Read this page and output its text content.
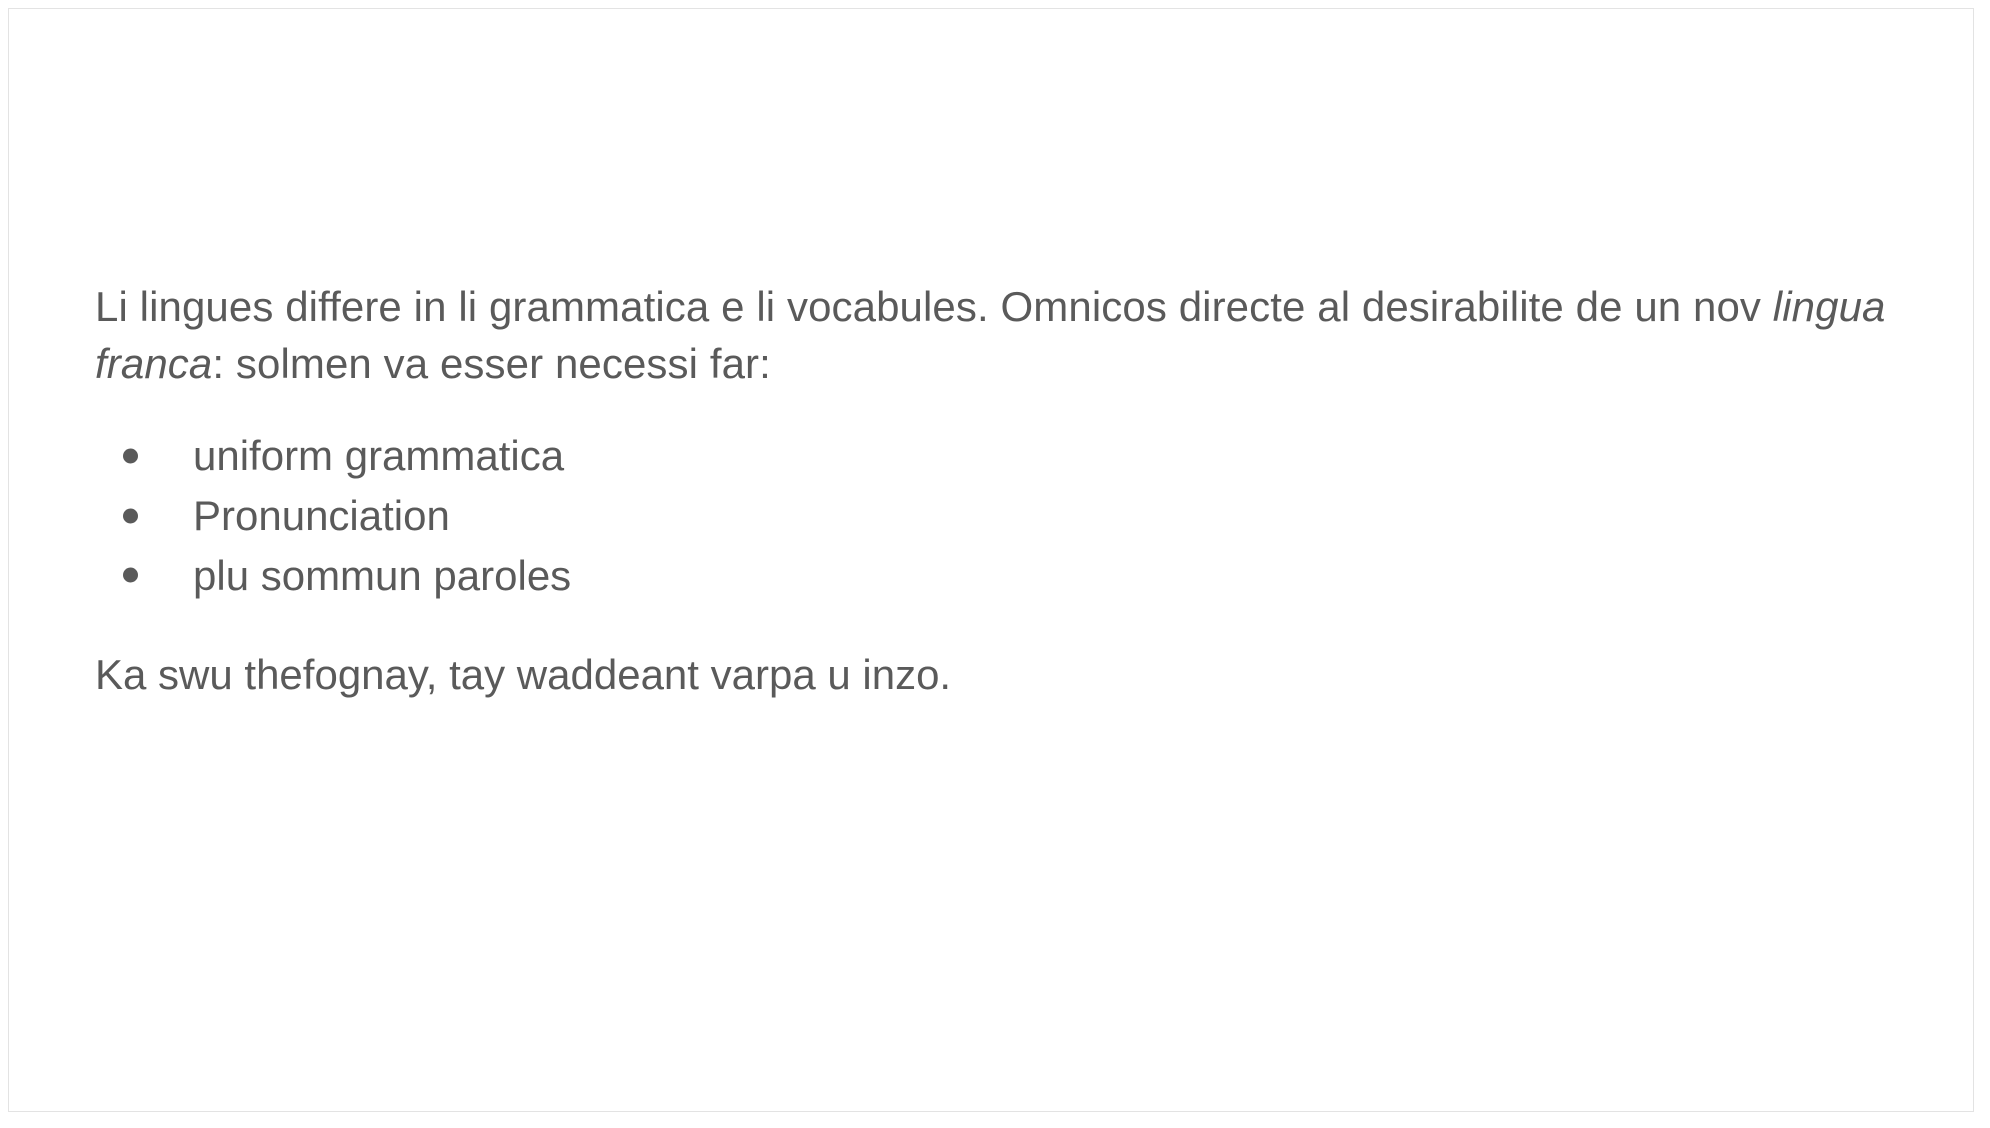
Li lingues differe in li grammatica e li vocabules. Omnicos directe al desirabilite de un nov lingua franca: solmen va esser necessi far:

uniform grammatica
Pronunciation
plu sommun paroles

Ka swu thefognay, tay waddeant varpa u inzo.
